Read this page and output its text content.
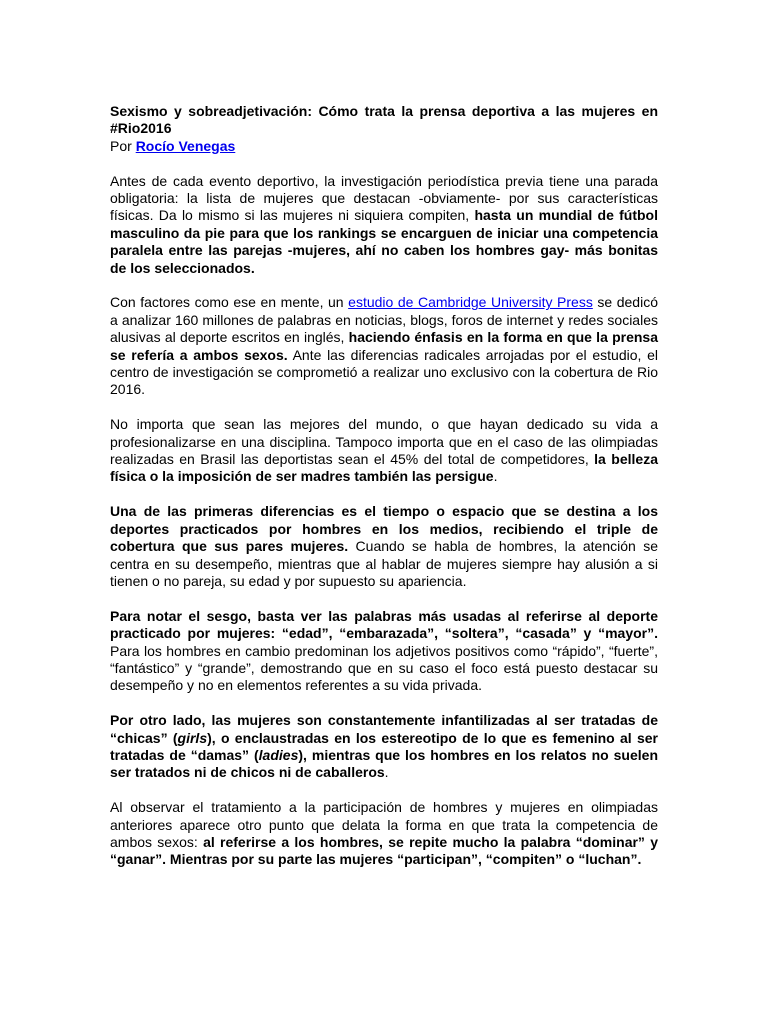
Sexismo y sobreadjetivación: Cómo trata la prensa deportiva a las mujeres en #Rio2016

Por Rocío Venegas

Antes de cada evento deportivo, la investigación periodística previa tiene una parada obligatoria: la lista de mujeres que destacan -obviamente- por sus características físicas. Da lo mismo si las mujeres ni siquiera compiten, hasta un mundial de fútbol masculino da pie para que los rankings se encarguen de iniciar una competencia paralela entre las parejas -mujeres, ahí no caben los hombres gay- más bonitas de los seleccionados.

Con factores como ese en mente, un estudio de Cambridge University Press se dedicó a analizar 160 millones de palabras en noticias, blogs, foros de internet y redes sociales alusivas al deporte escritos en inglés, haciendo énfasis en la forma en que la prensa se refería a ambos sexos. Ante las diferencias radicales arrojadas por el estudio, el centro de investigación se comprometió a realizar uno exclusivo con la cobertura de Rio 2016.

No importa que sean las mejores del mundo, o que hayan dedicado su vida a profesionalizarse en una disciplina. Tampoco importa que en el caso de las olimpiadas realizadas en Brasil las deportistas sean el 45% del total de competidores, la belleza física o la imposición de ser madres también las persigue.

Una de las primeras diferencias es el tiempo o espacio que se destina a los deportes practicados por hombres en los medios, recibiendo el triple de cobertura que sus pares mujeres. Cuando se habla de hombres, la atención se centra en su desempeño, mientras que al hablar de mujeres siempre hay alusión a si tienen o no pareja, su edad y por supuesto su apariencia.

Para notar el sesgo, basta ver las palabras más usadas al referirse al deporte practicado por mujeres: “edad”, “embarazada”, “soltera”, “casada” y “mayor”. Para los hombres en cambio predominan los adjetivos positivos como “rápido”, “fuerte”, “fantástico” y “grande”, demostrando que en su caso el foco está puesto destacar su desempeño y no en elementos referentes a su vida privada.

Por otro lado, las mujeres son constantemente infantilizadas al ser tratadas de “chicas” (girls), o enclaustradas en los estereotipo de lo que es femenino al ser tratadas de “damas” (ladies), mientras que los hombres en los relatos no suelen ser tratados ni de chicos ni de caballeros.

Al observar el tratamiento a la participación de hombres y mujeres en olimpiadas anteriores aparece otro punto que delata la forma en que trata la competencia de ambos sexos: al referirse a los hombres, se repite mucho la palabra “dominar” y “ganar”. Mientras por su parte las mujeres “participan”, “compiten” o “luchan”.
